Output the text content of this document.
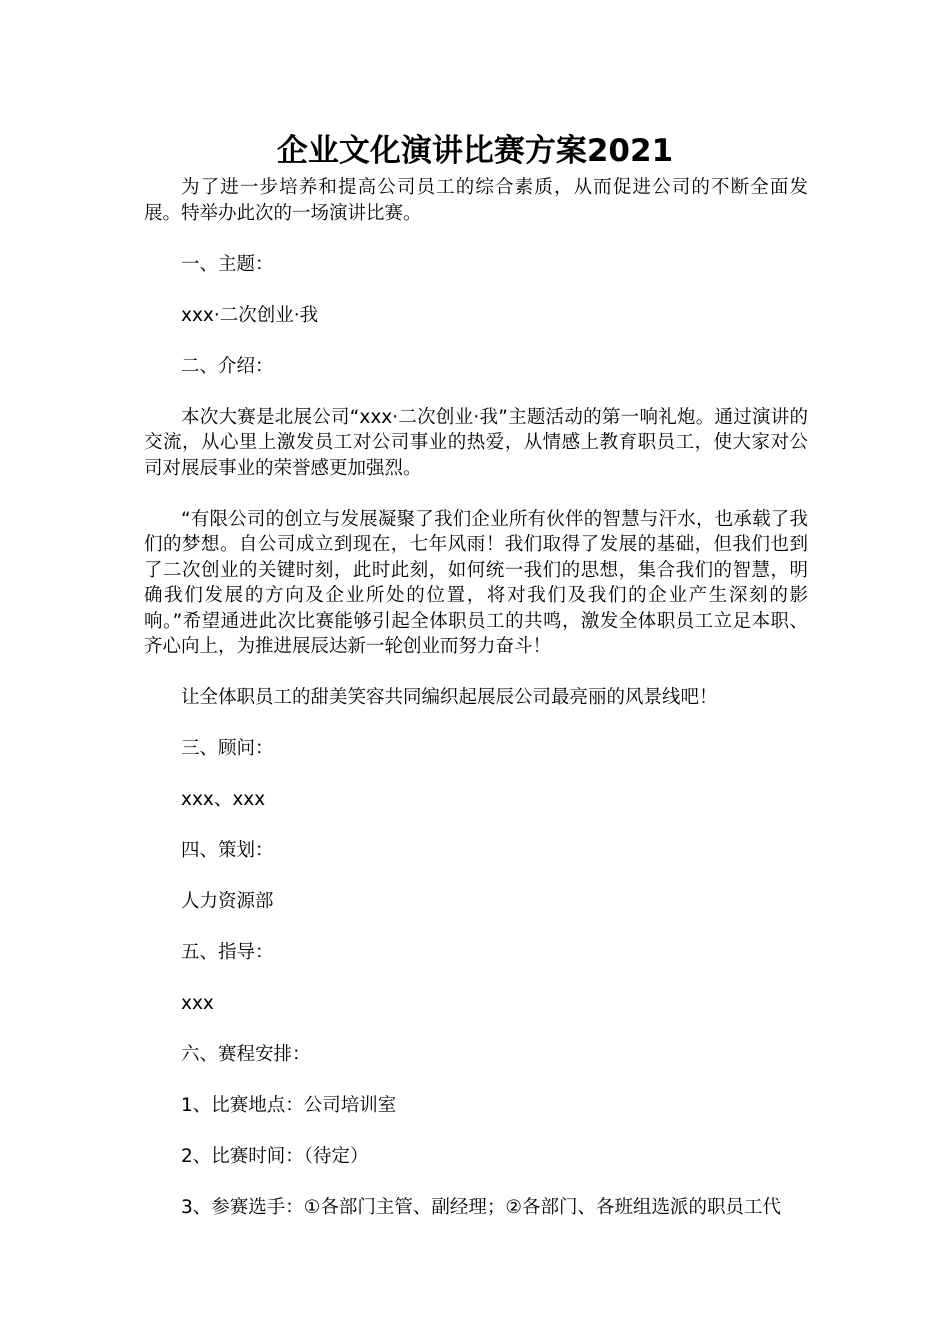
企业文化演讲比赛方案2021

为了进一步培养和提高公司员工的综合素质，从而促进公司的不断全面发展。特举办此次的一场演讲比赛。

一、主题：

xxx·二次创业·我

二、介绍：

本次大赛是北展公司“xxx·二次创业·我”主题活动的第一响礼炮。通过演讲的交流，从心里上激发员工对公司事业的热爱，从情感上教育职员工，使大家对公司对展辰事业的荣誉感更加强烈。

“有限公司的创立与发展凝聚了我们企业所有伙伴的智慧与汗水，也承载了我们的梦想。自公司成立到现在，七年风雨！我们取得了发展的基础，但我们也到了二次创业的关键时刻，此时此刻，如何统一我们的思想，集合我们的智慧，明确我们发展的方向及企业所处的位置，将对我们及我们的企业产生深刻的影响。”希望通进此次比赛能够引起全体职员工的共鸣，激发全体职员工立足本职、齐心向上，为推进展辰达新一轮创业而努力奋斗！

让全体职员工的甜美笑容共同编织起展辰公司最亮丽的风景线吧！

三、顾问：

xxx、xxx

四、策划：

人力资源部

五、指导：

xxx

六、赛程安排：

1、比赛地点：公司培训室

2、比赛时间：（待定）

3、参赛选手：①各部门主管、副经理；②各部门、各班组选派的职员工代
